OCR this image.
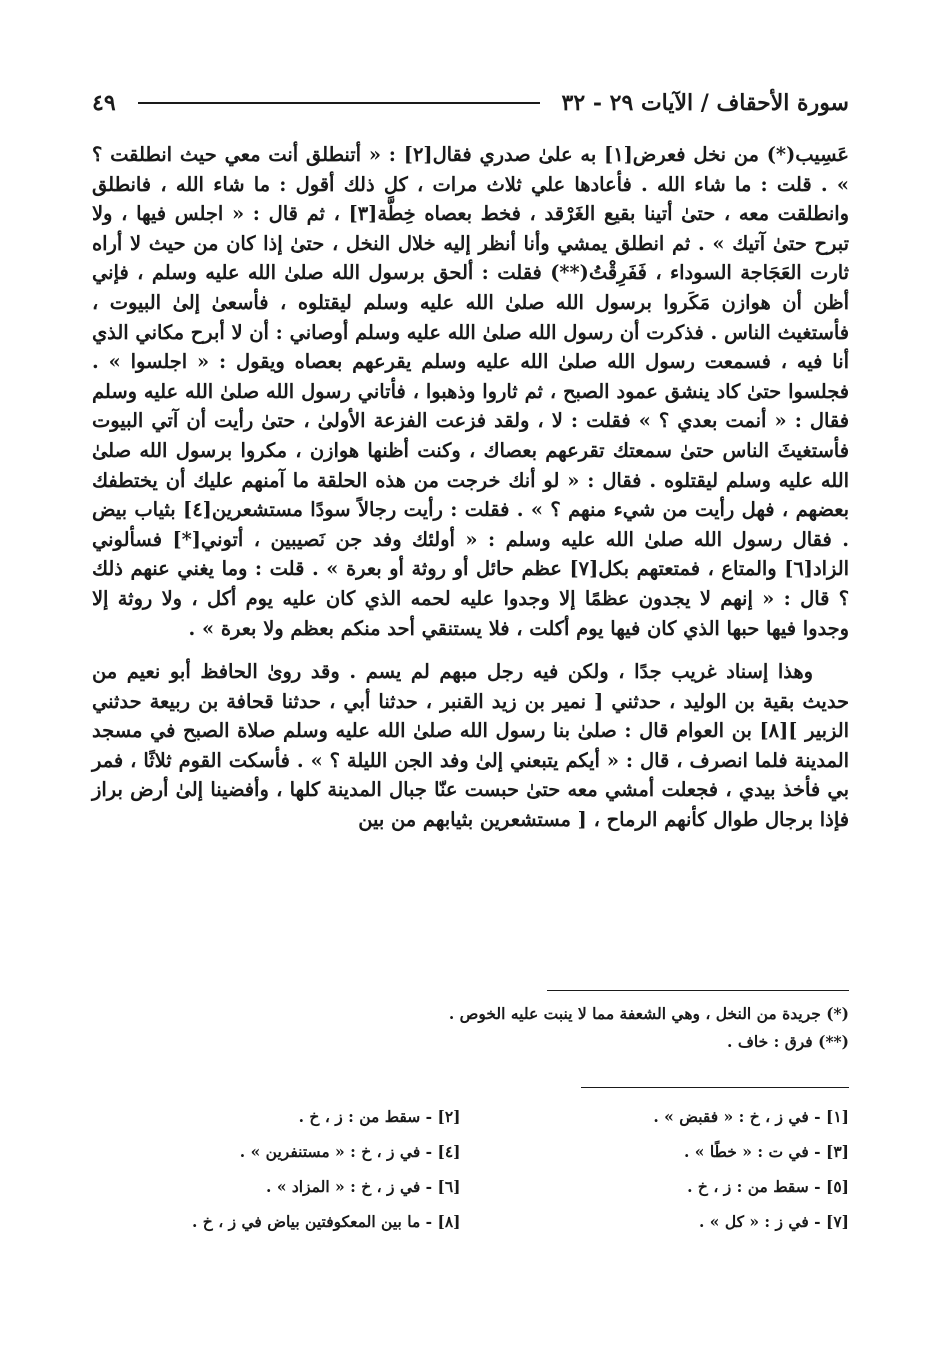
سورة الأحقاف / الآيات ٢٩ - ٣٢
٤٩

عَسِيب(*) من نخل فعرض[١] به علىٰ صدري فقال[٢] : « أتنطلق أنت معي حيث انطلقت ؟ » . قلت : ما شاء الله . فأعادها علي ثلاث مرات ، كل ذلك أقول : ما شاء الله ، فانطلق وانطلقت معه ، حتىٰ أتينا بقيع الغَرْقد ، فخط بعصاه خِطَّة[٣] ، ثم قال : « اجلس فيها ، ولا تبرح حتىٰ آتيك » . ثم انطلق يمشي وأنا أنظر إليه خلال النخل ، حتىٰ إذا كان من حيث لا أراه ثارت العَجَاجة السوداء ، فَفَرِقْتُ(**) فقلت : ألحق برسول الله صلىٰ الله عليه وسلم ، فإني أظن أن هوازن مَكَروا برسول الله صلىٰ الله عليه وسلم ليقتلوه ، فأسعىٰ إلىٰ البيوت ، فأستغيث الناس . فذكرت أن رسول الله صلىٰ الله عليه وسلم أوصاني : أن لا أبرح مكاني الذي أنا فيه ، فسمعت رسول الله صلىٰ الله عليه وسلم يقرعهم بعصاه ويقول : « اجلسوا » . فجلسوا حتىٰ كاد ينشق عمود الصبح ، ثم ثاروا وذهبوا ، فأتاني رسول الله صلىٰ الله عليه وسلم فقال : « أنمت بعدي ؟ » فقلت : لا ، ولقد فزعت الفزعة الأولىٰ ، حتىٰ رأيت أن آتي البيوت فأستغيثَ الناس حتىٰ سمعتك تقرعهم بعصاك ، وكنت أظنها هوازن ، مكروا برسول الله صلىٰ الله عليه وسلم ليقتلوه . فقال : « لو أنك خرجت من هذه الحلقة ما آمنهم عليك أن يختطفك بعضهم ، فهل رأيت من شيء منهم ؟ » . فقلت : رأيت رجالاً سودًا مستشعرين[٤] بثياب بيض . فقال رسول الله صلىٰ الله عليه وسلم : « أولئك وفد جن نَصيبين ، أتوني[*] فسألوني الزاد[٦] والمتاع ، فمتعتهم بكل[٧] عظم حائل أو روثة أو بعرة » . قلت : وما يغني عنهم ذلك ؟ قال : « إنهم لا يجدون عظمًا إلا وجدوا عليه لحمه الذي كان عليه يوم أكل ، ولا روثة إلا وجدوا فيها حبها الذي كان فيها يوم أكلت ، فلا يستنقي أحد منكم بعظم ولا بعرة » .

وهذا إسناد غريب جدًا ، ولكن فيه رجل مبهم لم يسم . وقد روىٰ الحافظ أبو نعيم من حديث بقية بن الوليد ، حدثني [ نمير بن زيد القنبر ، حدثنا أبي ، حدثنا قحافة بن ربيعة حدثني الزبير ][٨] بن العوام قال : صلىٰ بنا رسول الله صلىٰ الله عليه وسلم صلاة الصبح في مسجد المدينة فلما انصرف ، قال : « أيكم يتبعني إلىٰ وفد الجن الليلة ؟ » . فأسكت القوم ثلاثًا ، فمر بي فأخذ بيدي ، فجعلت أمشي معه حتىٰ حبست عنّا جبال المدينة كلها ، وأفضينا إلىٰ أرض براز فإذا برجال طوال كأنهم الرماح ، [ مستشعرين بثيابهم من بين

(*) جريدة من النخل ، وهي الشعفة مما لا ينبت عليه الخوص .
(**) فرق : خاف .
[١] - في ز ، خ : « فقبض » .
[٢] - سقط من : ز ، خ .
[٣] - في ت : « خطًا » .
[٤] - في ز ، خ : « مستنفرين » .
[٥] - سقط من : ز ، خ .
[٦] - في ز ، خ : « المزاد » .
[٧] - في ز : « كل » .
[٨] - ما بين المعكوفتين بياض في ز ، خ .
